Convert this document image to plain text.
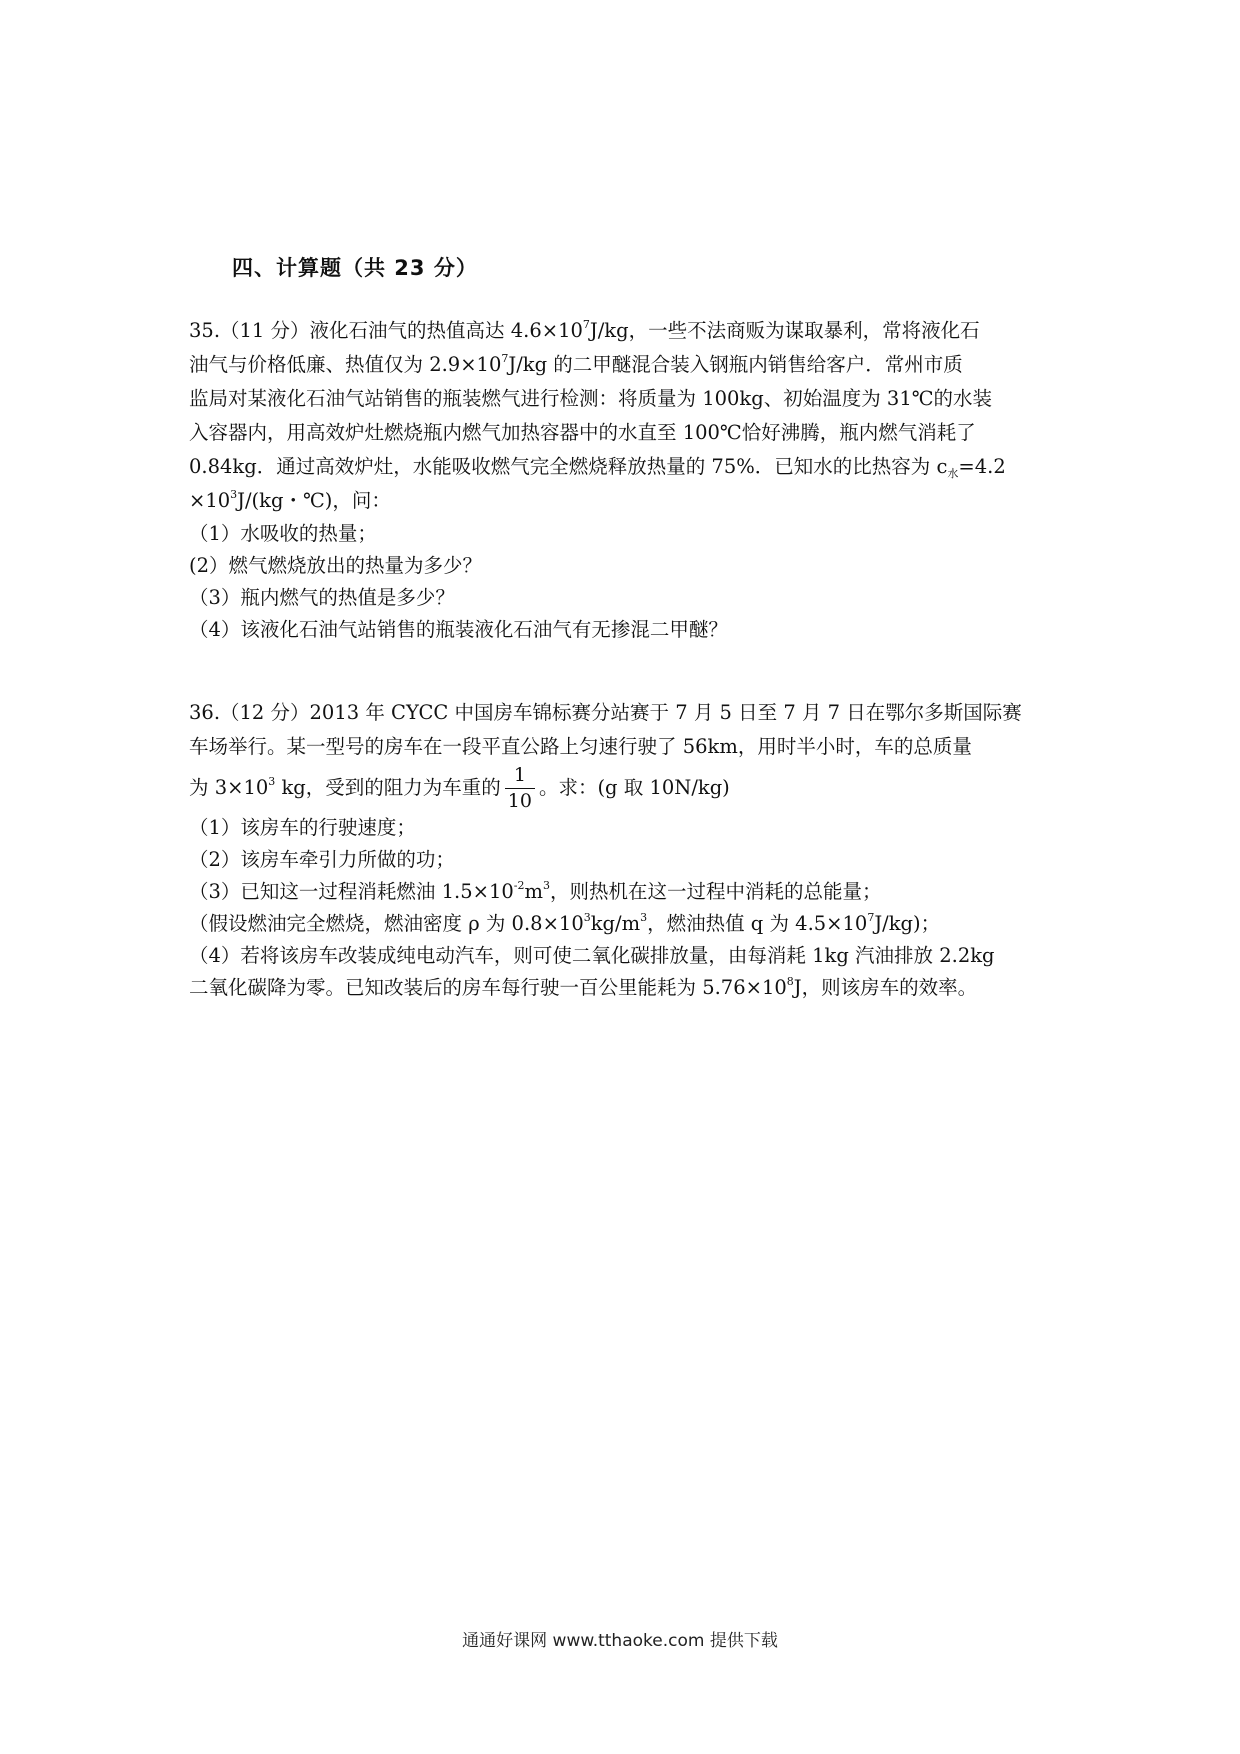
四、计算题（共 23 分）
35.（11 分）液化石油气的热值高达 $4.6\times 10^7J/kg$，一些不法商贩为谋取暴利，常将液化石
油气与价格低廉、热值仅为 $2.9\times 10^7J/kg$ 的二甲醚混合装入钢瓶内销售给客户．常州市质
监局对某液化石油气站销售的瓶装燃气进行检测：将质量为 100kg、初始温度为 31℃的水装
入容器内，用高效炉灶燃烧瓶内燃气加热容器中的水直至 100℃恰好沸腾，瓶内燃气消耗了
0.84kg．通过高效炉灶，水能吸收燃气完全燃烧释放热量的 75%．已知水的比热容为 $c_水=4.2$
$\times 10^3J/(kg$・℃)，问：
（1）水吸收的热量；
(2）燃气燃烧放出的热量为多少？
（3）瓶内燃气的热值是多少？
（4）该液化石油气站销售的瓶装液化石油气有无掺混二甲醚？
36.（12 分）2013 年 CYCC 中国房车锦标赛分站赛于 7 月 5 日至 7 月 7 日在鄂尔多斯国际赛
车场举行。某一型号的房车在一段平直公路上匀速行驶了 56km，用时半小时，车的总质量
为 $3\times 10^3$ kg，受到的阻力为车重的 $\frac{1}{10}$ 。求：(g 取 10N/kg)
（1）该房车的行驶速度；
（2）该房车牵引力所做的功；
（3）已知这一过程消耗燃油 $1.5\times 10^{-2}m^3$，则热机在这一过程中消耗的总能量；
（假设燃油完全燃烧，燃油密度 ρ 为 $0.8\times 10^3kg/m^3$，燃油热值 q 为 $4.5\times 10^7J/kg$)；
（4）若将该房车改装成纯电动汽车，则可使二氧化碳排放量，由每消耗 1kg 汽油排放 2.2kg
二氧化碳降为零。已知改装后的房车每行驶一百公里能耗为 $5.76\times 10^8J$，则该房车的效率。
通通好课网 www.tthaoke.com 提供下载
